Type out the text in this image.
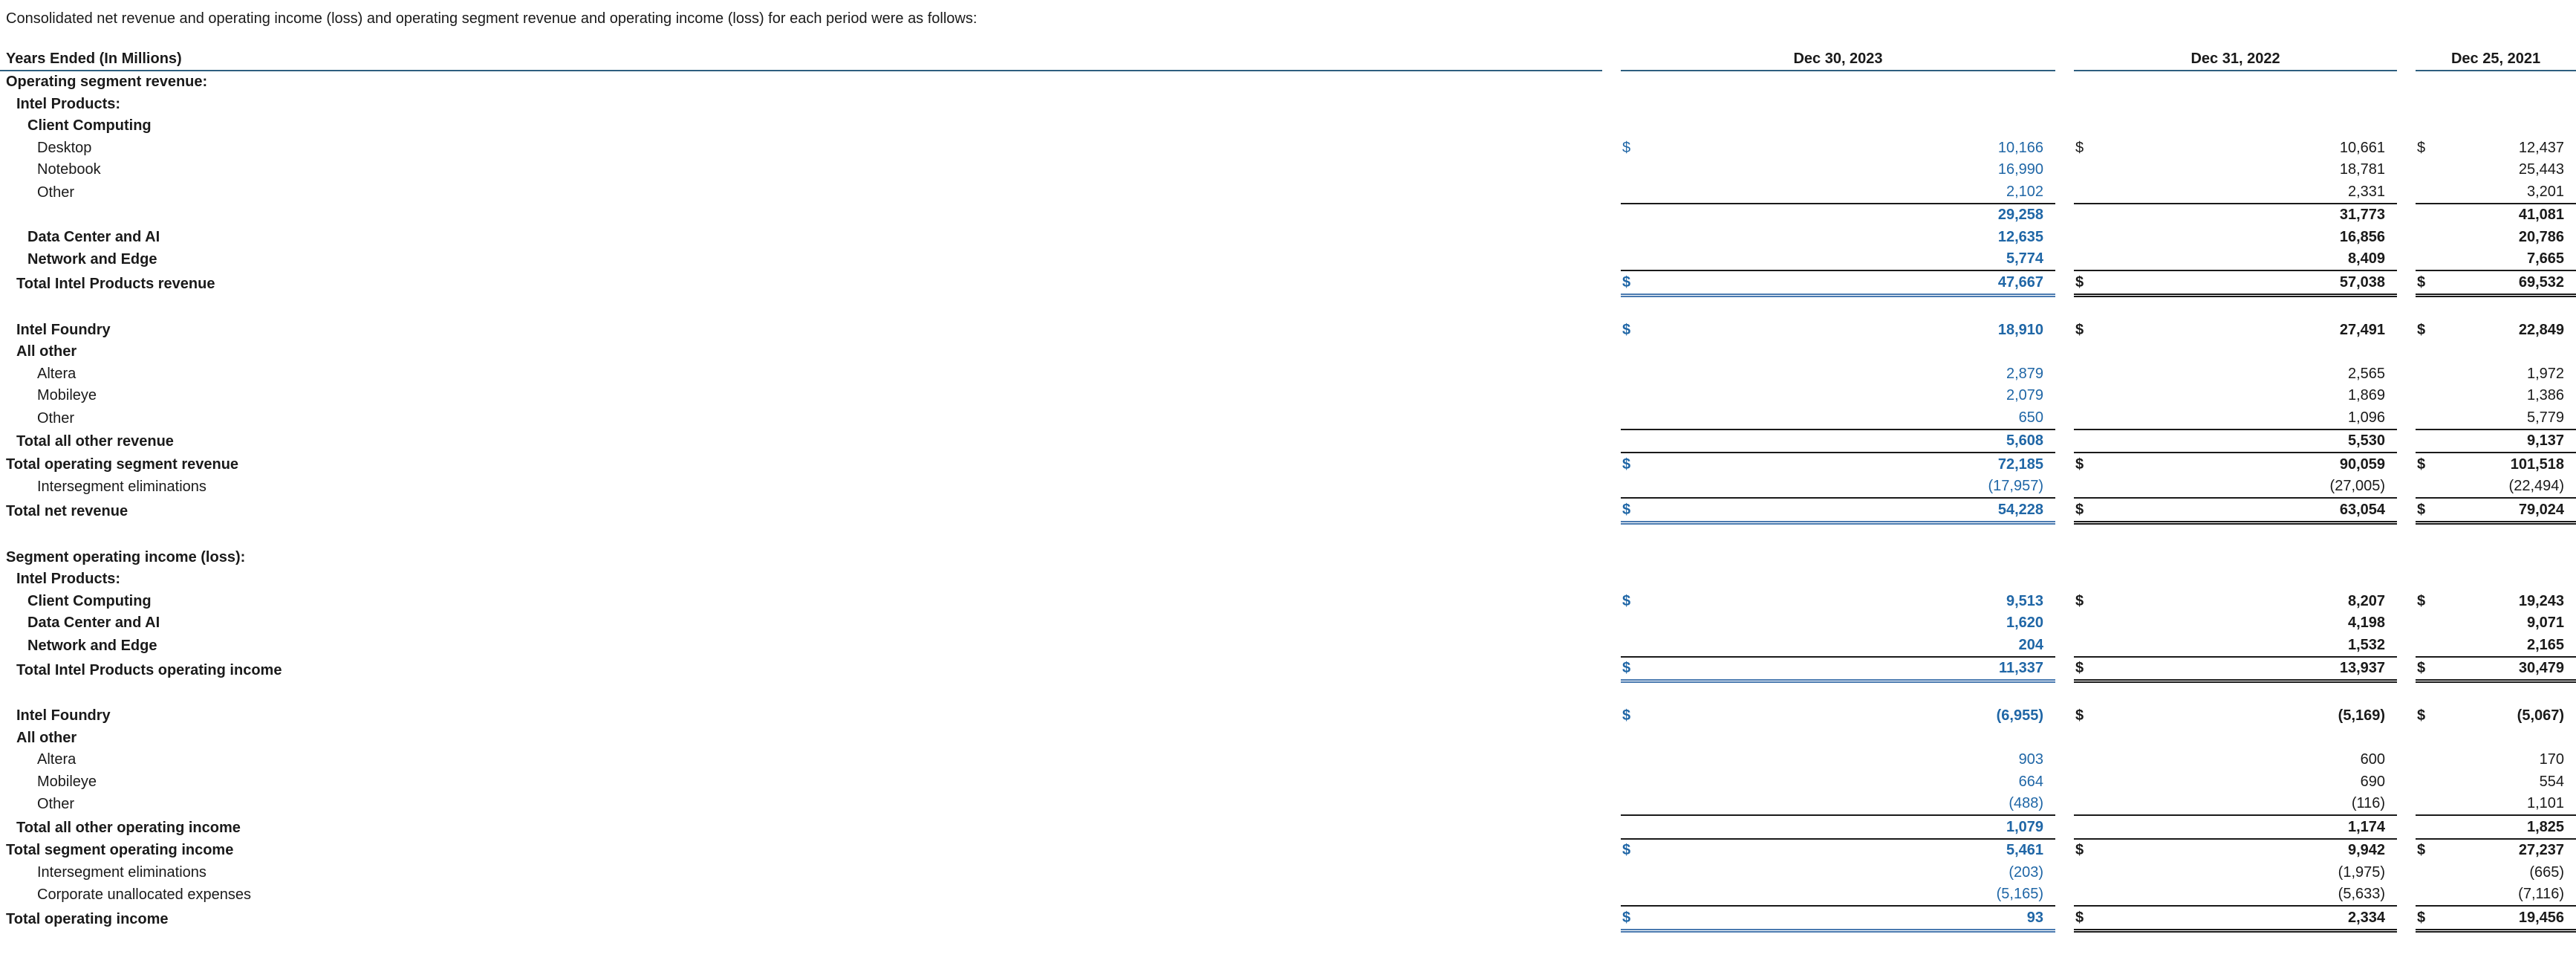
Consolidated net revenue and operating income (loss) and operating segment revenue and operating income (loss) for each period were as follows:
Years Ended (In Millions)		Dec 30, 2023			Dec 31, 2022			Dec 25, 2021	
Operating segment revenue:									
Intel Products:									
Client Computing									
Desktop		$	10,166		$	10,661		$	12,437
Notebook			16,990			18,781			25,443
Other			2,102			2,331			3,201
			29,258			31,773			41,081
Data Center and AI			12,635			16,856			20,786
Network and Edge			5,774			8,409			7,665
Total Intel Products revenue		$	47,667		$	57,038		$	69,532

Intel Foundry		$	18,910		$	27,491		$	22,849
All other									
Altera			2,879			2,565			1,972
Mobileye			2,079			1,869			1,386
Other			650			1,096			5,779
Total all other revenue			5,608			5,530			9,137
Total operating segment revenue		$	72,185		$	90,059		$	101,518
Intersegment eliminations			(17,957)			(27,005)			(22,494)
Total net revenue		$	54,228		$	63,054		$	79,024

Segment operating income (loss):									
Intel Products:									
Client Computing		$	9,513		$	8,207		$	19,243
Data Center and AI			1,620			4,198			9,071
Network and Edge			204			1,532			2,165
Total Intel Products operating income		$	11,337		$	13,937		$	30,479

Intel Foundry		$	(6,955)		$	(5,169)		$	(5,067)
All other									
Altera			903			600			170
Mobileye			664			690			554
Other			(488)			(116)			1,101
Total all other operating income			1,079			1,174			1,825
Total segment operating income		$	5,461		$	9,942		$	27,237
Intersegment eliminations			(203)			(1,975)			(665)
Corporate unallocated expenses			(5,165)			(5,633)			(7,116)
Total operating income		$	93		$	2,334		$	19,456
